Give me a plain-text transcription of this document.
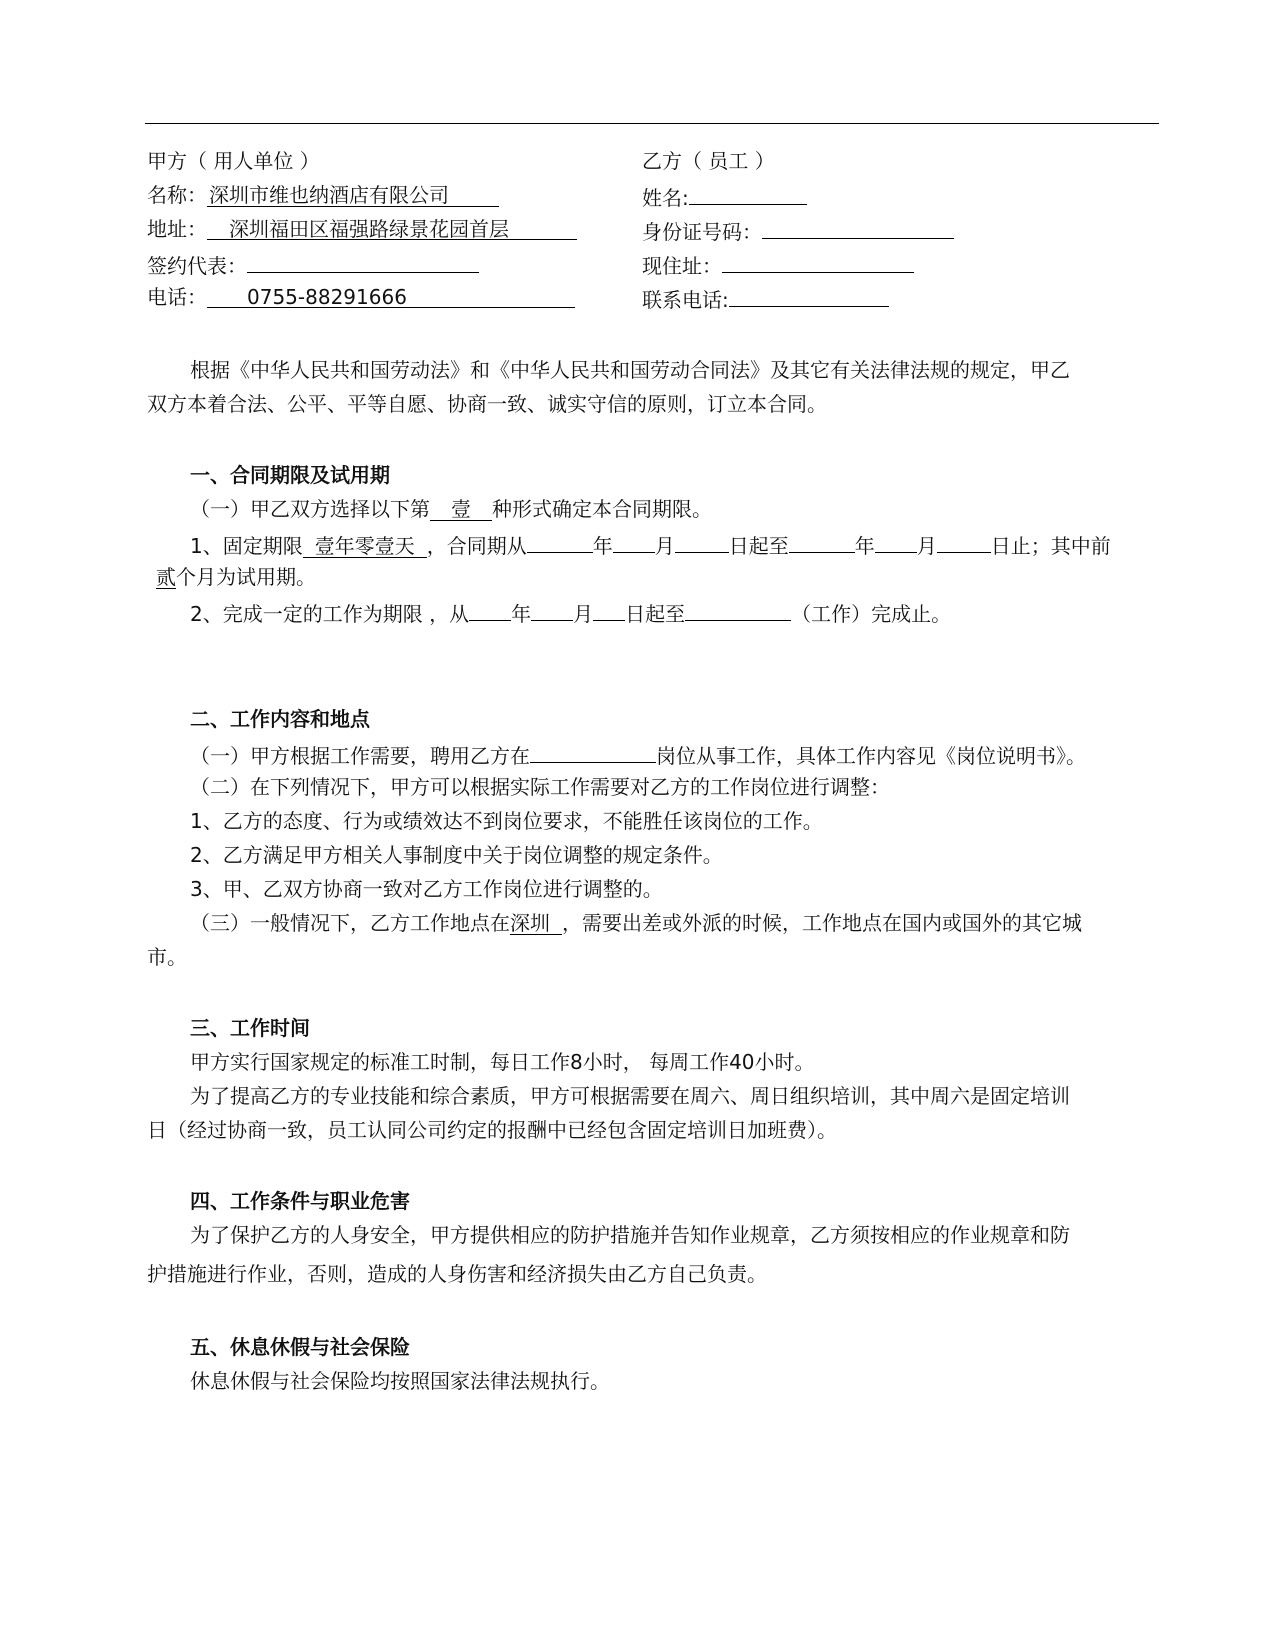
甲方（ 用人单位 ）
名称： 深圳市维也纳酒店有限公司
地址： 深圳福田区福强路绿景花园首层
签约代表：
电话： 0755-88291666
乙方（ 员工 ）
姓名:
身份证号码：
现住址：
联系电话:
根据《中华人民共和国劳动法》和《中华人民共和国劳动合同法》及其它有关法律法规的规定，甲乙
双方本着合法、公平、平等自愿、协商一致、诚实守信的原则，订立本合同。
一、合同期限及试用期
（一）甲乙双方选择以下第 壹 种形式确定本合同期限。
1、固定期限 壹年零壹天 ，合同期从	年 月	日起至	年 月	日止；其中前
贰个月为试用期。
2、完成一定的工作为期限 ，从 年 月 日起至	（工作）完成止。
二、工作内容和地点
（一）甲方根据工作需要，聘用乙方在	岗位从事工作，具体工作内容见《岗位说明书》。
（二）在下列情况下，甲方可以根据实际工作需要对乙方的工作岗位进行调整：
1、乙方的态度、行为或绩效达不到岗位要求，不能胜任该岗位的工作。
2、乙方满足甲方相关人事制度中关于岗位调整的规定条件。
3、甲、乙双方协商一致对乙方工作岗位进行调整的。
（三）一般情况下，乙方工作地点在深圳 ，需要出差或外派的时候，工作地点在国内或国外的其它城
市。
三、工作时间
甲方实行国家规定的标准工时制，每日工作8小时， 每周工作40小时。
为了提高乙方的专业技能和综合素质，甲方可根据需要在周六、周日组织培训，其中周六是固定培训
日（经过协商一致，员工认同公司约定的报酬中已经包含固定培训日加班费）。
四、工作条件与职业危害
为了保护乙方的人身安全，甲方提供相应的防护措施并告知作业规章，乙方须按相应的作业规章和防
护措施进行作业，否则，造成的人身伤害和经济损失由乙方自己负责。
五、休息休假与社会保险
休息休假与社会保险均按照国家法律法规执行。
